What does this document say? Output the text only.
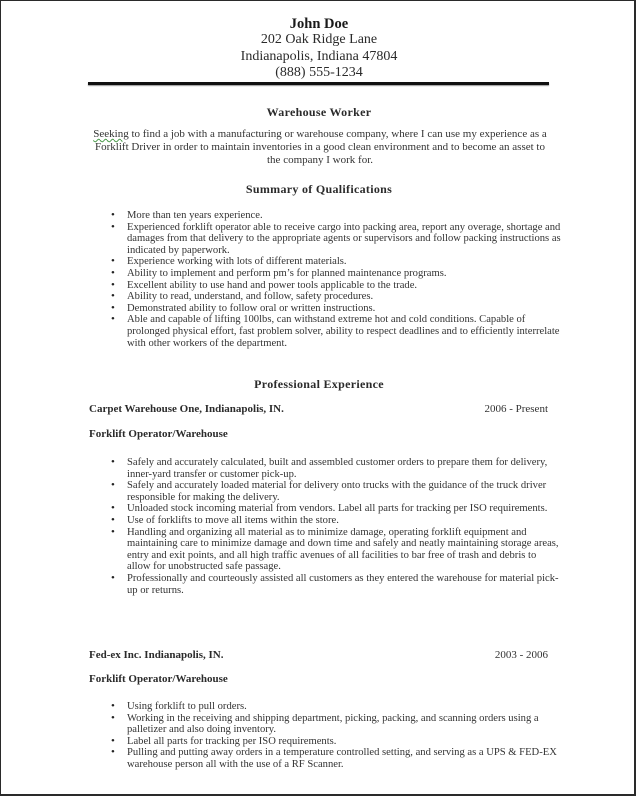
John Doe
202 Oak Ridge Lane
Indianapolis, Indiana 47804
(888) 555-1234
Warehouse Worker

Seeking to find a job with a manufacturing or warehouse company, where I can use my experience as a Forklift Driver in order to maintain inventories in a good clean environment and to become an asset to the company I work for.

Summary of Qualifications
• More than ten years experience.
• Experienced forklift operator able to receive cargo into packing area, report any overage, shortage and damages from that delivery to the appropriate agents or supervisors and follow packing instructions as indicated by paperwork.
• Experience working with lots of different materials.
• Ability to implement and perform pm’s for planned maintenance programs.
• Excellent ability to use hand and power tools applicable to the trade.
• Ability to read, understand, and follow, safety procedures.
• Demonstrated ability to follow oral or written instructions.
• Able and capable of lifting 100lbs, can withstand extreme hot and cold conditions. Capable of prolonged physical effort, fast problem solver, ability to respect deadlines and to efficiently interrelate with other workers of the department.
Professional Experience
Carpet Warehouse One, Indianapolis, IN.	2006 - Present
Forklift Operator/Warehouse
• Safely and accurately calculated, built and assembled customer orders to prepare them for delivery, inner-yard transfer or customer pick-up.
• Safely and accurately loaded material for delivery onto trucks with the guidance of the truck driver responsible for making the delivery.
• Unloaded stock incoming material from vendors. Label all parts for tracking per ISO requirements.
• Use of forklifts to move all items within the store.
• Handling and organizing all material as to minimize damage, operating forklift equipment and maintaining care to minimize damage and down time and safely and neatly maintaining storage areas, entry and exit points, and all high traffic avenues of all facilities to bar free of trash and debris to allow for unobstructed safe passage.
• Professionally and courteously assisted all customers as they entered the warehouse for material pick-up or returns.
Fed-ex Inc. Indianapolis, IN.	2003 - 2006
Forklift Operator/Warehouse
• Using forklift to pull orders.
• Working in the receiving and shipping department, picking, packing, and scanning orders using a palletizer and also doing inventory.
• Label all parts for tracking per ISO requirements.
• Pulling and putting away orders in a temperature controlled setting, and serving as a UPS & FED-EX warehouse person all with the use of a RF Scanner.
